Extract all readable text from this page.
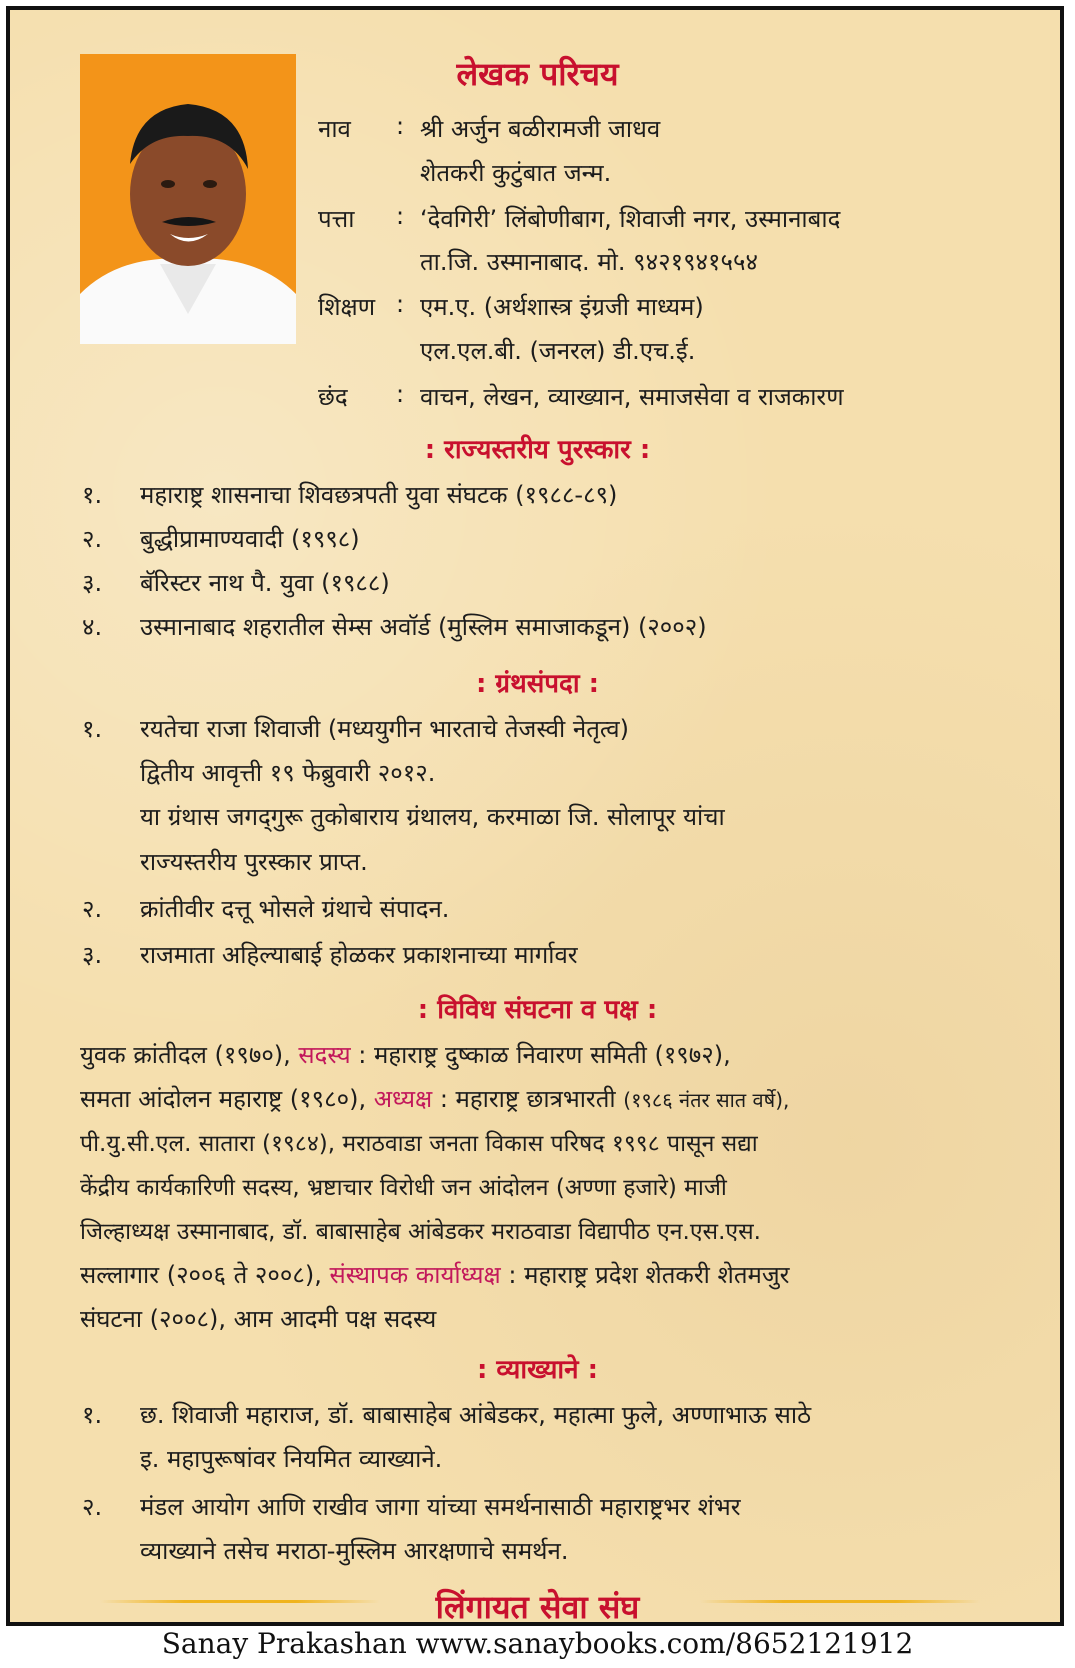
लेखक परिचय
नाव : श्री अर्जुन बळीरामजी जाधव
शेतकरी कुटुंबात जन्म.
पत्ता : ‘देवगिरी’ लिंबोणीबाग, शिवाजी नगर, उस्मानाबाद
ता.जि. उस्मानाबाद. मो. ९४२१९४१५५४
शिक्षण : एम.ए. (अर्थशास्त्र इंग्रजी माध्यम)
एल.एल.बी. (जनरल) डी.एच.ई.
छंद : वाचन, लेखन, व्याख्यान, समाजसेवा व राजकारण
: राज्यस्तरीय पुरस्कार :
१. महाराष्ट्र शासनाचा शिवछत्रपती युवा संघटक (१९८८-८९)
२. बुद्धीप्रामाण्यवादी (१९९८)
३. बॅरिस्टर नाथ पै. युवा (१९८८)
४. उस्मानाबाद शहरातील सेम्स अवॉर्ड (मुस्लिम समाजाकडून) (२००२)
: ग्रंथसंपदा :
१. रयतेचा राजा शिवाजी (मध्ययुगीन भारताचे तेजस्वी नेतृत्व)
द्वितीय आवृत्ती १९ फेब्रुवारी २०१२.
या ग्रंथास जगद्‌गुरू तुकोबाराय ग्रंथालय, करमाळा जि. सोलापूर यांचा
राज्यस्तरीय पुरस्कार प्राप्त.
२. क्रांतीवीर दत्तू भोसले ग्रंथाचे संपादन.
३. राजमाता अहिल्याबाई होळकर प्रकाशनाच्या मार्गावर
: विविध संघटना व पक्ष :
युवक क्रांतीदल (१९७०), सदस्य : महाराष्ट्र दुष्काळ निवारण समिती (१९७२),
समता आंदोलन महाराष्ट्र (१९८०), अध्यक्ष : महाराष्ट्र छात्रभारती (१९८६ नंतर सात वर्षे),
पी.यु.सी.एल. सातारा (१९८४), मराठवाडा जनता विकास परिषद १९९८ पासून सद्या
केंद्रीय कार्यकारिणी सदस्य, भ्रष्टाचार विरोधी जन आंदोलन (अण्णा हजारे) माजी
जिल्हाध्यक्ष उस्मानाबाद, डॉ. बाबासाहेब आंबेडकर मराठवाडा विद्यापीठ एन.एस.एस.
सल्लागार (२००६ ते २००८), संस्थापक कार्याध्यक्ष : महाराष्ट्र प्रदेश शेतकरी शेतमजुर
संघटना (२००८), आम आदमी पक्ष सदस्य
: व्याख्याने :
१. छ. शिवाजी महाराज, डॉ. बाबासाहेब आंबेडकर, महात्मा फुले, अण्णाभाऊ साठे
इ. महापुरूषांवर नियमित व्याख्याने.
२. मंडल आयोग आणि राखीव जागा यांच्या समर्थनासाठी महाराष्ट्रभर शंभर
व्याख्याने तसेच मराठा-मुस्लिम आरक्षणाचे समर्थन.
लिंगायत सेवा संघ
Sanay Prakashan www.sanaybooks.com/8652121912
